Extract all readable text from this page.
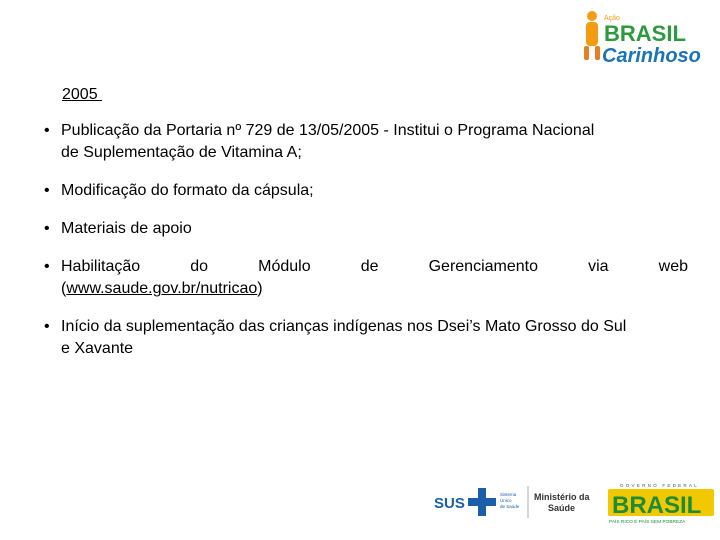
Ação
BRASIL
Carinhoso
2005
• Publicação da Portaria nº 729 de 13/05/2005 - Institui o Programa Nacional
de Suplementação de Vitamina A;
• Modificação do formato da cápsula;
• Materiais de apoio
• Habilitação	do	Módulo	de	Gerenciamento	via	web
(www.saude.gov.br/nutricao)
• Início da suplementação das crianças indígenas nos Dsei’s Mato Grosso do Sul
e Xavante
SUS
Sistema
Único
de Saúde
Ministério da
Saúde
GOVERNO FEDERAL
BRASIL
PAÍS RICO É PAÍS SEM POBREZA
